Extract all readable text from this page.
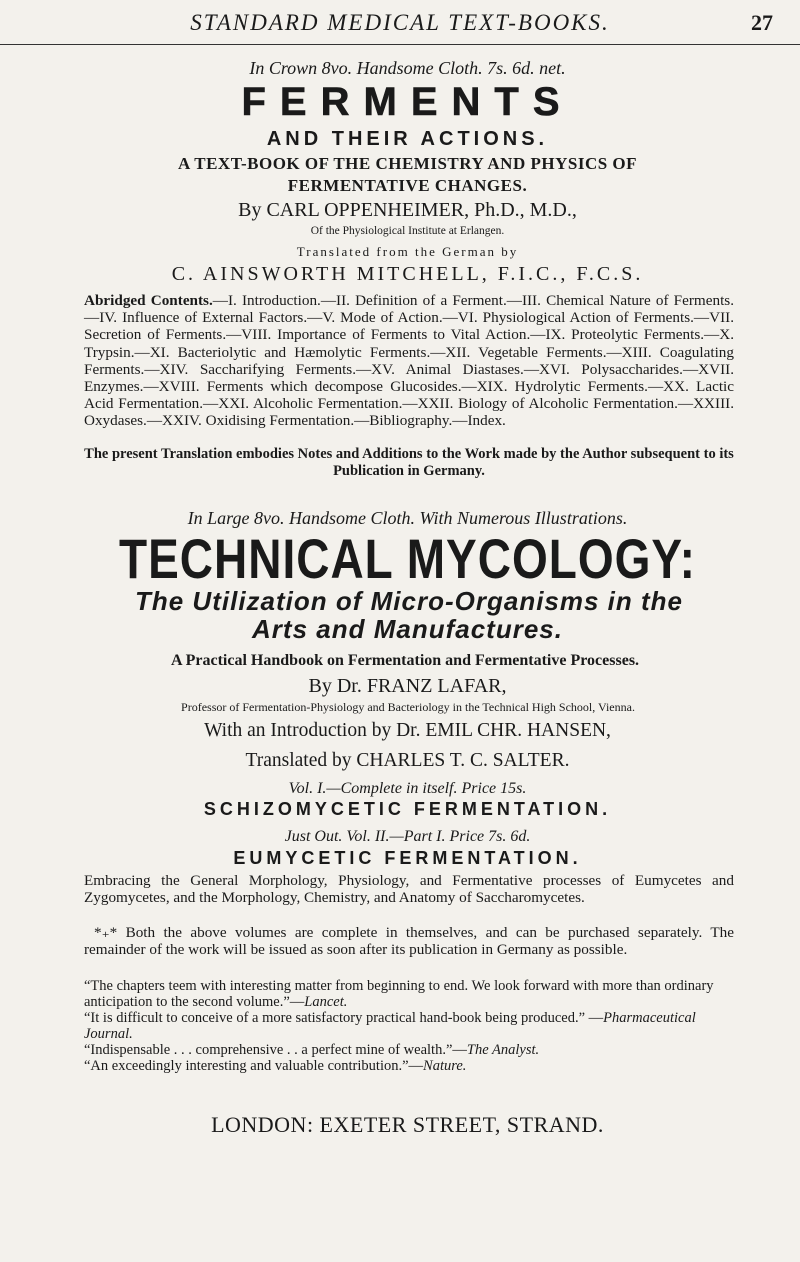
STANDARD MEDICAL TEXT-BOOKS.	27
In Crown 8vo. Handsome Cloth. 7s. 6d. net.
FERMENTS
AND THEIR ACTIONS.
A TEXT-BOOK OF THE CHEMISTRY AND PHYSICS OF
FERMENTATIVE CHANGES.
By CARL OPPENHEIMER, Ph.D., M.D.,
Of the Physiological Institute at Erlangen.
Translated from the German by
C. AINSWORTH MITCHELL, F.I.C., F.C.S.
Abridged Contents.—I. Introduction.—II. Definition of a Ferment.—III. Chemical Nature of Ferments.—IV. Influence of External Factors.—V. Mode of Action.—VI. Physiological Action of Ferments.—VII. Secretion of Ferments.—VIII. Importance of Ferments to Vital Action.—IX. Proteolytic Ferments.—X. Trypsin.—XI. Bacteriolytic and Hæmolytic Ferments.—XII. Vegetable Ferments.—XIII. Coagulating Ferments.—XIV. Saccharifying Ferments.—XV. Animal Diastases.—XVI. Polysaccharides.—XVII. Enzymes.—XVIII. Ferments which decompose Glucosides.—XIX. Hydrolytic Ferments.—XX. Lactic Acid Fermentation.—XXI. Alcoholic Fermentation.—XXII. Biology of Alcoholic Fermentation.—XXIII. Oxydases.—XXIV. Oxidising Fermentation.—Bibliography.—Index.
The present Translation embodies Notes and Additions to the Work made by the Author subsequent to its Publication in Germany.
In Large 8vo. Handsome Cloth. With Numerous Illustrations.
TECHNICAL MYCOLOGY:
The Utilization of Micro-Organisms in the
Arts and Manufactures.
A Practical Handbook on Fermentation and Fermentative Processes.
By Dr. FRANZ LAFAR,
Professor of Fermentation-Physiology and Bacteriology in the Technical High School, Vienna.
With an Introduction by Dr. EMIL CHR. HANSEN,
Translated by CHARLES T. C. SALTER.
Vol. I.—Complete in itself. Price 15s.
SCHIZOMYCETIC FERMENTATION.
Just Out. Vol. II.—Part I. Price 7s. 6d.
EUMYCETIC FERMENTATION.
Embracing the General Morphology, Physiology, and Fermentative processes of Eumycetes and Zygomycetes, and the Morphology, Chemistry, and Anatomy of Saccharomycetes.
*₊* Both the above volumes are complete in themselves, and can be purchased separately. The remainder of the work will be issued as soon after its publication in Germany as possible.
“The chapters teem with interesting matter from beginning to end. We look forward with more than ordinary anticipation to the second volume.”—Lancet.
“It is difficult to conceive of a more satisfactory practical hand-book being produced.” —Pharmaceutical Journal.
“Indispensable . . . comprehensive . . a perfect mine of wealth.”—The Analyst.
“An exceedingly interesting and valuable contribution.”—Nature.
LONDON: EXETER STREET, STRAND.
